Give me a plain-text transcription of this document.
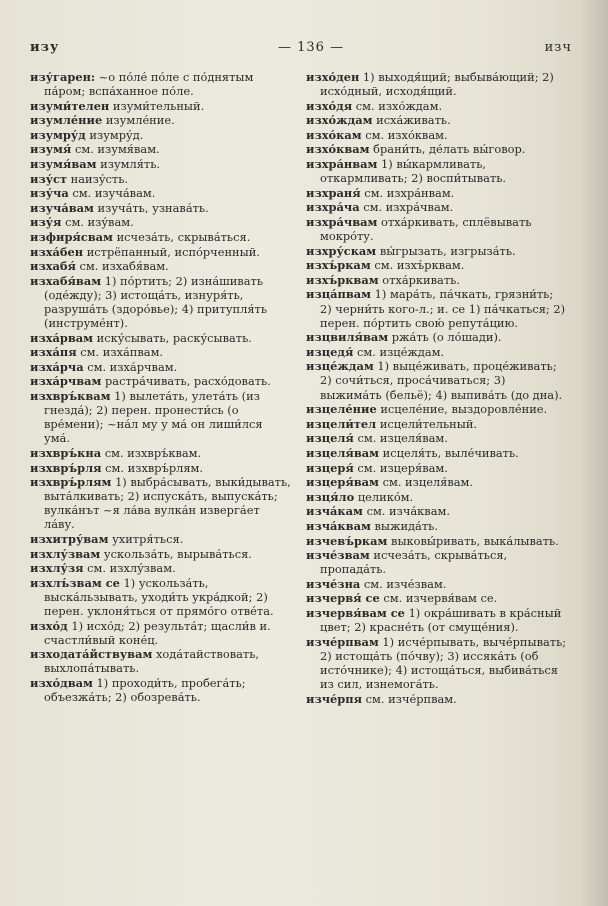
изу	— 136 —	изч
изу́гарен: ~о по́ле́ по́ле с по́днятым па́ром; вспа́ханное по́ле.
изуми́телен изуми́тельный.
изумле́ние изумле́ние.
изумру́д изумру́д.
изумя́ см. изумя́вам.
изумя́вам изумля́ть.
изу́ст наизу́сть.
изу́ча см. изуча́вам.
изуча́вам изуча́ть, узнава́ть.
изу́я см. изу́вам.
изфиря́свам исчеза́ть, скрыва́ться.
изха́бен истрёпанный, испо́рченный.
изхабя́ см. изхабя́вам.
изхабя́вам 1) по́ртить; 2) изна́шивать (оде́жду); 3) истоща́ть, изнуря́ть, разруша́ть (здоро́вье); 4) притупля́ть (инструме́нт).
изха́рвам иску́сывать, раску́сывать.
изха́пя см. изха́пвам.
изха́рча см. изха́рчвам.
изха́рчвам растра́чивать, расхо́довать.
изхвръ́квам 1) вылета́ть, улета́ть (из гнезда́); 2) перен. пронести́сь (о вре́мени); ~на́л му у ма́ он лиши́лся ума́.
изхвръ́кна см. изхвръ́квам.
изхвръ́рля см. изхвръ́рлям.
изхвръ́рлям 1) выбра́сывать, выки́дывать, выта́лкивать; 2) испуска́ть, выпуска́ть; вулка́нът ~я ла́ва вулка́н изверга́ет ла́ву.
изхитру́вам ухитря́ться.
изхлу́звам ускольза́ть, вырыва́ться.
изхлу́зя см. изхлу́звам.
изхлъ́звам се 1) ускольза́ть, выска́льзывать, уходи́ть укра́дкой; 2) перен. уклоня́ться от прямо́го отве́та.
изхо́д 1) исхо́д; 2) результа́т; щасли́в и. счастли́вый коне́ц.
изходата́йствувам хода́тайствовать, выхлопа́тывать.
изхо́двам 1) проходи́ть, пробега́ть; объезжа́ть; 2) обозрева́ть.
изхо́ден 1) выходя́щий; выбыва́ющий; 2) исхо́дный, исходя́щий.
изхо́дя см. изхо́ждам.
изхо́ждам исха́живать.
изхо́кам см. изхо́квам.
изхо́квам брани́ть, де́лать вы́говор.
изхра́нвам 1) вы́кармливать, откармливать; 2) воспи́тывать.
изхраня́ см. изхра́нвам.
изхра́ча см. изхра́чвам.
изхра́чвам отха́ркивать, сплёвывать мокро́ту.
изхру́скам вы́грызать, изгрыза́ть.
изхъ́ркам см. изхъ́рквам.
изхъ́рквам отха́ркивать.
изца́пвам 1) мара́ть, па́чкать, грязни́ть; 2) черни́ть кого-л.; и. се 1) па́чкаться; 2) перен. по́ртить свою́ репута́цию.
изцвиля́вам ржа́ть (о ло́шади).
изцедя́ см. изце́ждам.
изце́ждам 1) выце́живать, проце́живать; 2) сочи́ться, проса́чиваться; 3) выжима́ть (бельё); 4) выпива́ть (до дна).
изцеле́ние исцеле́ние, выздоровле́ние.
изцели́тел исцели́тельный.
изцеля́ см. изцеля́вам.
изцеля́вам исцеля́ть, выле́чивать.
изцеря́ см. изцеря́вам.
изцеря́вам см. изцеля́вам.
изця́ло целико́м.
изча́кам см. изча́квам.
изча́квам выжида́ть.
изчевъ́ркам выковы́ривать, выка́лывать.
изче́звам исчеза́ть, скрыва́ться, пропада́ть.
изче́зна см. изче́звам.
изчервя́ се см. изчервя́вам се.
изчервя́вам се 1) окра́шивать в кра́сный цвет; 2) красне́ть (от смуще́ния).
изче́рпвам 1) исче́рпывать, выче́рпывать; 2) истоща́ть (по́чву); 3) иссяка́ть (об исто́чнике); 4) истоща́ться, выбива́ться из сил, изнемога́ть.
изче́рпя см. изче́рпвам.
